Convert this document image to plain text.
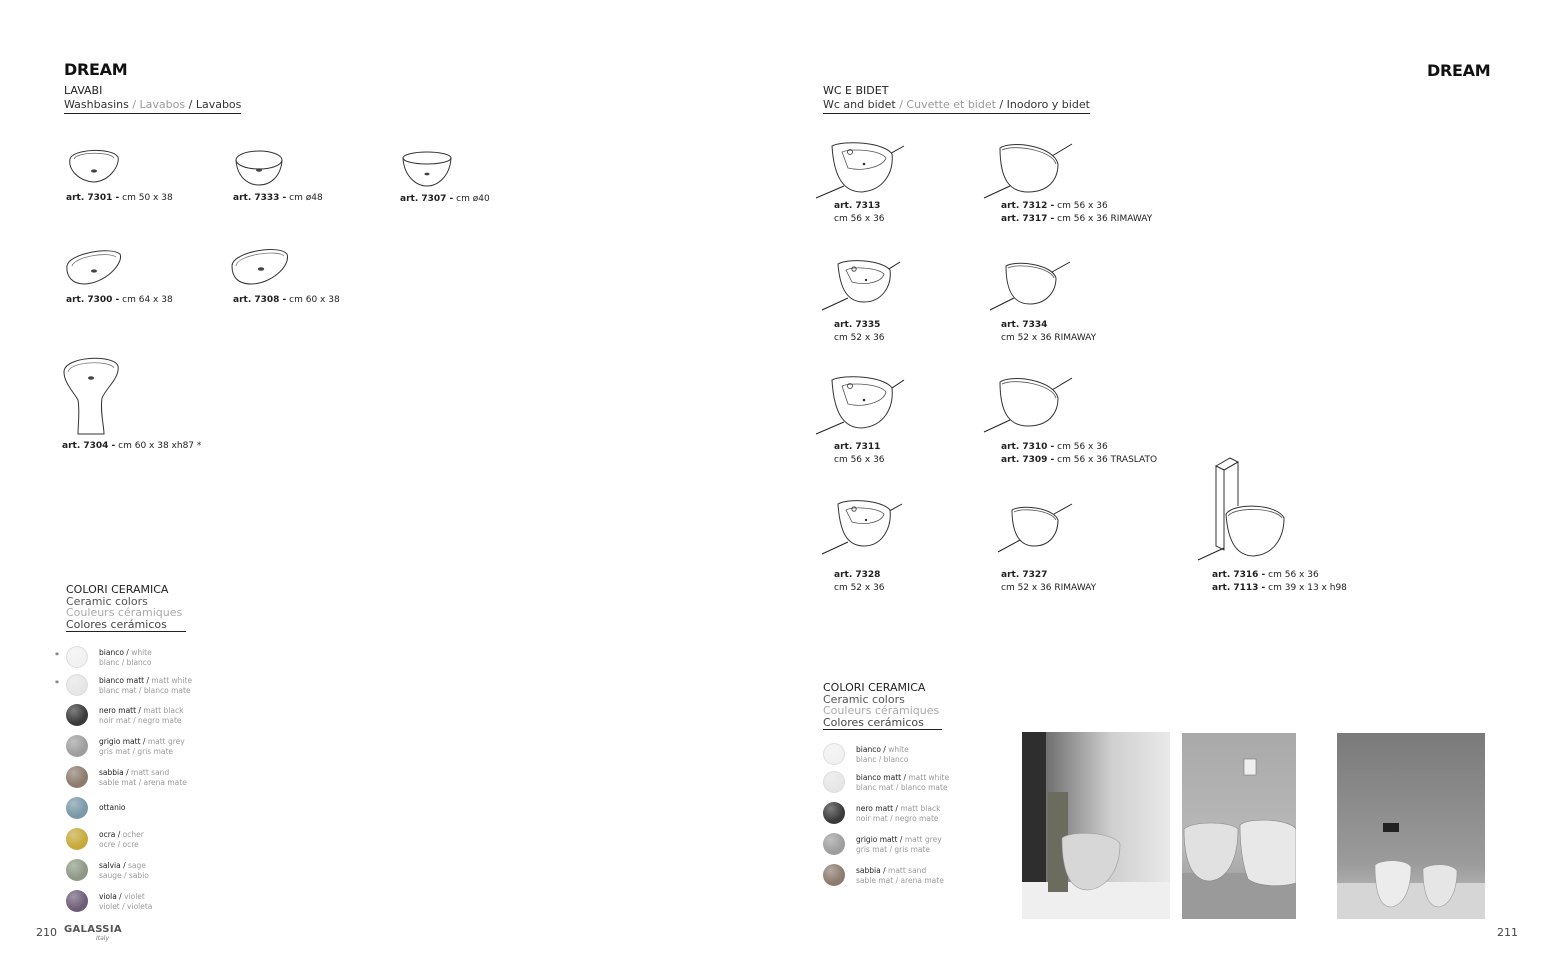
DREAM
LAVABI
Washbasins / Lavabos / Lavabos
art. 7301 - cm 50 x 38	art. 7333 - cm ø48	art. 7307 - cm ø40
art. 7300 - cm 64 x 38	art. 7308 - cm 60 x 38
art. 7304 - cm 60 x 38 xh87 *
COLORI CERAMICA
Ceramic colors
Couleurs céramiques
Colores cerámicos
*	bianco / white
blanc / blanco
*	bianco matt / matt white
blanc mat / blanco mate
nero matt / matt black
noir mat / negro mate
grigio matt / matt grey
gris mat / gris mate
sabbia / matt sand
sable mat / arena mate
ottanio
ocra / ocher
ocre / ocre
salvia / sage
sauge / sabio
viola / violet
violet / violeta
210 GALASSIA
Italy
DREAM
WC E BIDET
Wc and bidet / Cuvette et bidet / Inodoro y bidet
art. 7313
cm 56 x 36
art. 7312 - cm 56 x 36
art. 7317 - cm 56 x 36 RIMAWAY
art. 7335
cm 52 x 36
art. 7334
cm 52 x 36 RIMAWAY
art. 7311
cm 56 x 36
art. 7310 - cm 56 x 36
art. 7309 - cm 56 x 36 TRASLATO
art. 7328
cm 52 x 36
art. 7327
cm 52 x 36 RIMAWAY
art. 7316 - cm 56 x 36
art. 7113 - cm 39 x 13 x h98
COLORI CERAMICA
Ceramic colors
Couleurs céramiques
Colores cerámicos
bianco / white
blanc / blanco
bianco matt / matt white
blanc mat / blanco mate
nero matt / matt black
noir mat / negro mate
grigio matt / matt grey
gris mat / gris mate
sabbia / matt sand
sable mat / arena mate
211
